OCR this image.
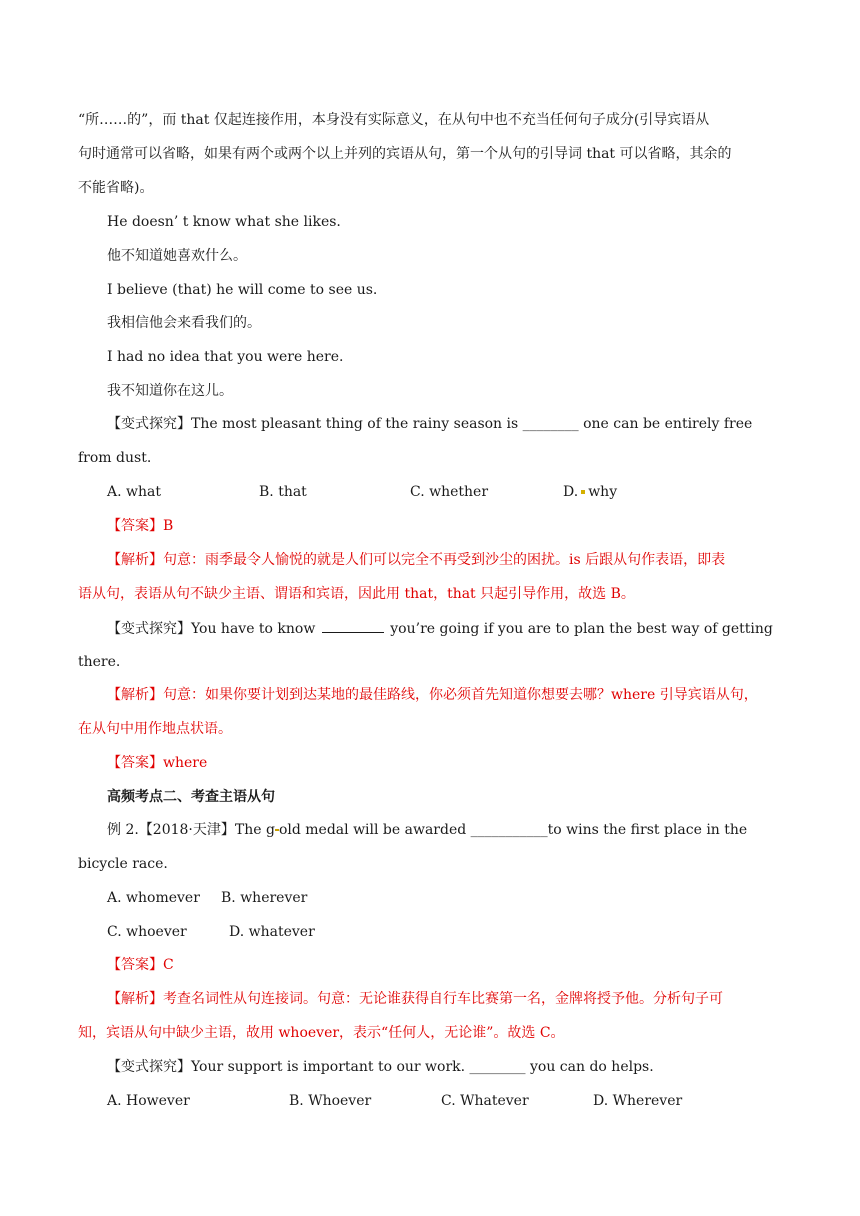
“所……的”，而 that 仅起连接作用，本身没有实际意义，在从句中也不充当任何句子成分(引导宾语从
句时通常可以省略，如果有两个或两个以上并列的宾语从句，第一个从句的引导词 that 可以省略，其余的
不能省略)。
He doesn’ t know what she likes.
他不知道她喜欢什么。
I believe (that) he will come to see us.
我相信他会来看我们的。
I had no idea that you were here.
我不知道你在这儿。
【变式探究】The most pleasant thing of the rainy season is ________ one can be entirely free
from dust.
A. what	B. that	C. whether	D. why
【答案】B
【解析】句意：雨季最令人愉悦的就是人们可以完全不再受到沙尘的困扰。is 后跟从句作表语，即表
语从句，表语从句不缺少主语、谓语和宾语，因此用 that，that 只起引导作用，故选 B。
【变式探究】You have to know	you’re going if you are to plan the best way of getting
there.
【解析】句意：如果你要计划到达某地的最佳路线，你必须首先知道你想要去哪？where 引导宾语从句，
在从句中用作地点状语。
【答案】where
高频考点二、考查主语从句
例 2.【2018·天津】The g old medal will be awarded ___________to wins the first place in the
bicycle race.
A. whomever B. wherever
C. whoever	D. whatever
【答案】C
【解析】考查名词性从句连接词。句意：无论谁获得自行车比赛第一名，金牌将授予他。分析句子可
知，宾语从句中缺少主语，故用 whoever，表示“任何人，无论谁”。故选 C。
【变式探究】Your support is important to our work. ________ you can do helps.
A. However	B. Whoever	C. Whatever	D. Wherever
